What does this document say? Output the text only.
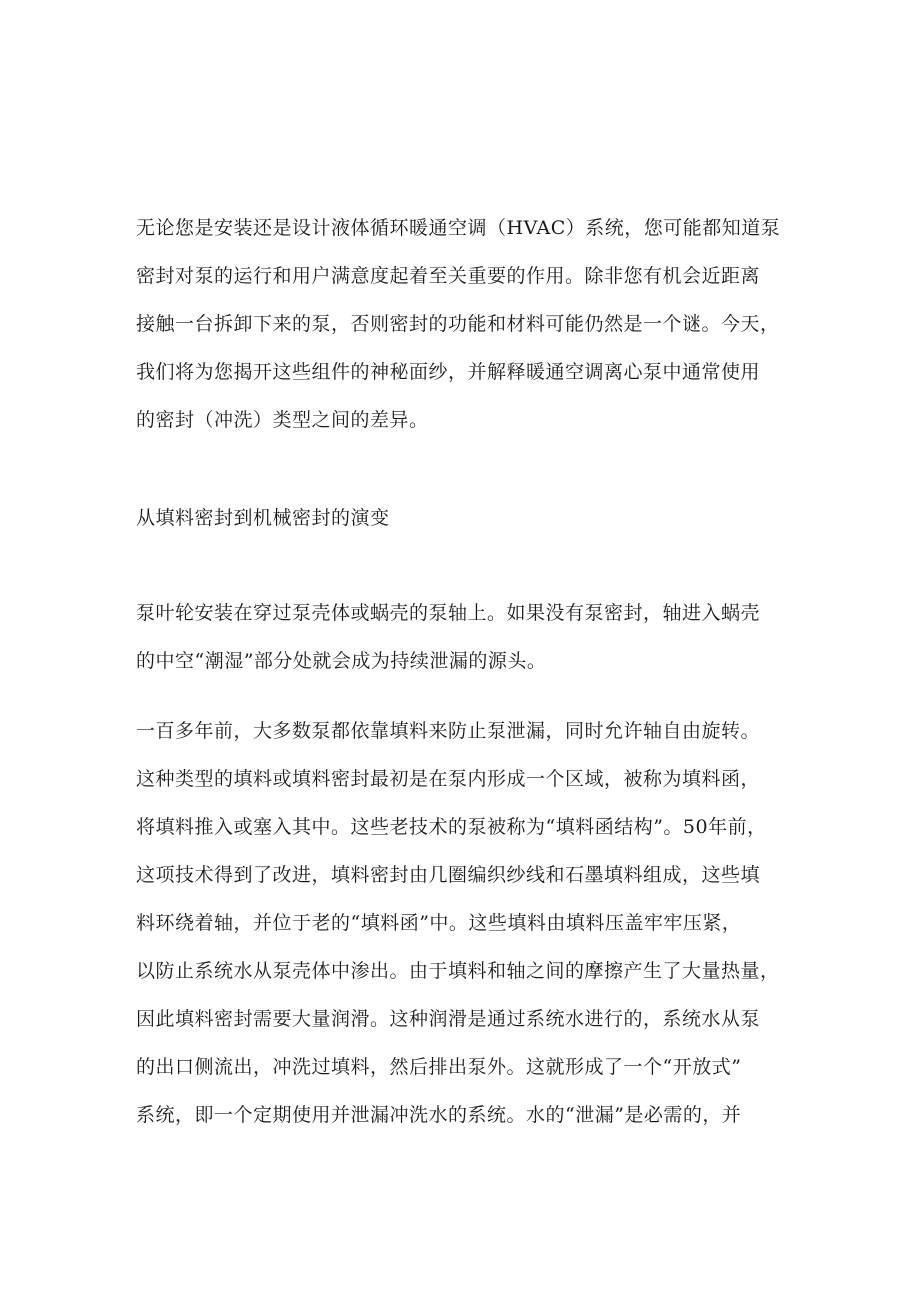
无论您是安装还是设计液体循环暖通空调（HVAC）系统，您可能都知道泵
密封对泵的运行和用户满意度起着至关重要的作用。除非您有机会近距离
接触一台拆卸下来的泵，否则密封的功能和材料可能仍然是一个谜。今天，
我们将为您揭开这些组件的神秘面纱，并解释暖通空调离心泵中通常使用
的密封（冲洗）类型之间的差异。
从填料密封到机械密封的演变
泵叶轮安装在穿过泵壳体或蜗壳的泵轴上。如果没有泵密封，轴进入蜗壳
的中空“潮湿”部分处就会成为持续泄漏的源头。
一百多年前，大多数泵都依靠填料来防止泵泄漏，同时允许轴自由旋转。
这种类型的填料或填料密封最初是在泵内形成一个区域，被称为填料函，
将填料推入或塞入其中。这些老技术的泵被称为“填料函结构”。50年前，
这项技术得到了改进，填料密封由几圈编织纱线和石墨填料组成，这些填
料环绕着轴，并位于老的“填料函”中。这些填料由填料压盖牢牢压紧，
以防止系统水从泵壳体中渗出。由于填料和轴之间的摩擦产生了大量热量，
因此填料密封需要大量润滑。这种润滑是通过系统水进行的，系统水从泵
的出口侧流出，冲洗过填料，然后排出泵外。这就形成了一个“开放式”
系统，即一个定期使用并泄漏冲洗水的系统。水的“泄漏”是必需的，并
